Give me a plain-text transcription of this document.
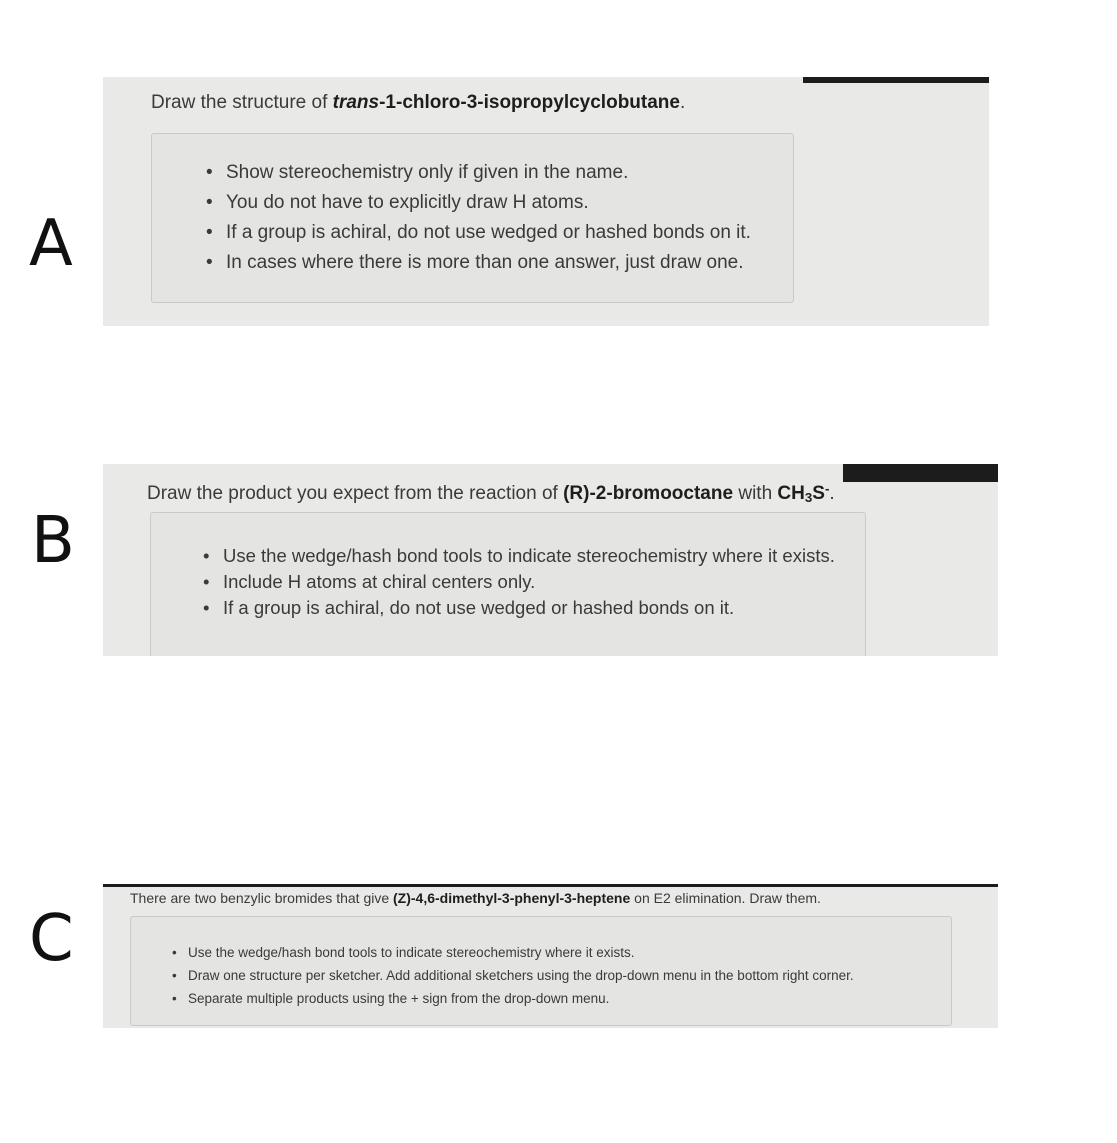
A
Draw the structure of trans-1-chloro-3-isopropylcyclobutane.
• Show stereochemistry only if given in the name.
• You do not have to explicitly draw H atoms.
• If a group is achiral, do not use wedged or hashed bonds on it.
• In cases where there is more than one answer, just draw one.
B
Draw the product you expect from the reaction of (R)-2-bromooctane with $CH_3S^-$.
• Use the wedge/hash bond tools to indicate stereochemistry where it exists.
• Include H atoms at chiral centers only.
• If a group is achiral, do not use wedged or hashed bonds on it.
C
There are two benzylic bromides that give (Z)-4,6-dimethyl-3-phenyl-3-heptene on E2 elimination. Draw them.
• Use the wedge/hash bond tools to indicate stereochemistry where it exists.
• Draw one structure per sketcher. Add additional sketchers using the drop-down menu in the bottom right corner.
• Separate multiple products using the + sign from the drop-down menu.
